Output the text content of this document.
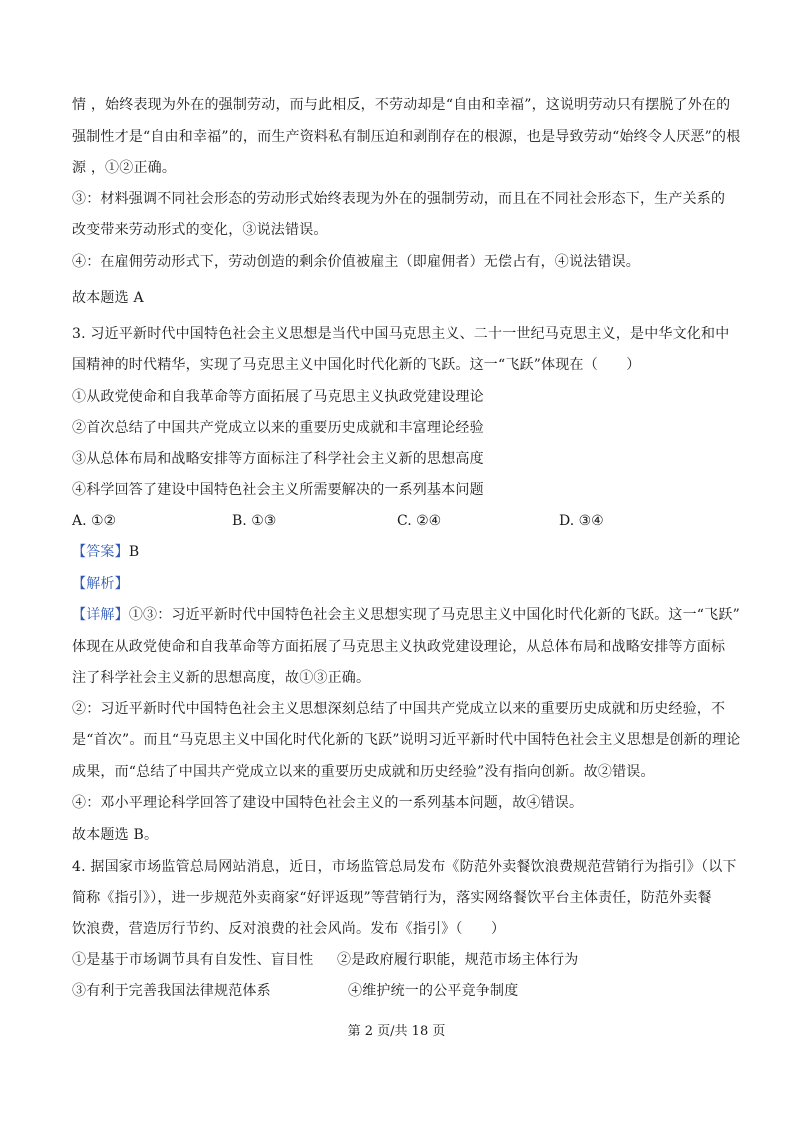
情 ，始终表现为外在的强制劳动，而与此相反，不劳动却是“自由和幸福”，这说明劳动只有摆脱了外在的
强制性才是“自由和幸福”的，而生产资料私有制压迫和剥削存在的根源，也是导致劳动“始终令人厌恶”的根
源 ，①②正确。
③：材料强调不同社会形态的劳动形式始终表现为外在的强制劳动，而且在不同社会形态下，生产关系的
改变带来劳动形式的变化，③说法错误。
④：在雇佣劳动形式下，劳动创造的剩余价值被雇主（即雇佣者）无偿占有，④说法错误。
故本题选 A
3. 习近平新时代中国特色社会主义思想是当代中国马克思主义、二十一世纪马克思主义，是中华文化和中
国精神的时代精华，实现了马克思主义中国化时代化新的飞跃。这一“飞跃”体现在（　　）
①从政党使命和自我革命等方面拓展了马克思主义执政党建设理论
②首次总结了中国共产党成立以来的重要历史成就和丰富理论经验
③从总体布局和战略安排等方面标注了科学社会主义新的思想高度
④科学回答了建设中国特色社会主义所需要解决的一系列基本问题
A. ①②	B. ①③	C. ②④	D. ③④
【答案】B
【解析】
【详解】①③：习近平新时代中国特色社会主义思想实现了马克思主义中国化时代化新的飞跃。这一“飞跃”
体现在从政党使命和自我革命等方面拓展了马克思主义执政党建设理论，从总体布局和战略安排等方面标
注了科学社会主义新的思想高度，故①③正确。
②：习近平新时代中国特色社会主义思想深刻总结了中国共产党成立以来的重要历史成就和历史经验，不
是“首次”。而且“马克思主义中国化时代化新的飞跃”说明习近平新时代中国特色社会主义思想是创新的理论
成果，而“总结了中国共产党成立以来的重要历史成就和历史经验”没有指向创新。故②错误。
④：邓小平理论科学回答了建设中国特色社会主义的一系列基本问题，故④错误。
故本题选 B。
4. 据国家市场监管总局网站消息，近日，市场监管总局发布《防范外卖餐饮浪费规范营销行为指引》（以下
简称《指引》），进一步规范外卖商家“好评返现”等营销行为，落实网络餐饮平台主体责任，防范外卖餐
饮浪费，营造厉行节约、反对浪费的社会风尚。发布《指引》（　　）
①是基于市场调节具有自发性、盲目性 ②是政府履行职能，规范市场主体行为
③有利于完善我国法律规范体系	④维护统一的公平竞争制度
第 2 页/共 18 页
